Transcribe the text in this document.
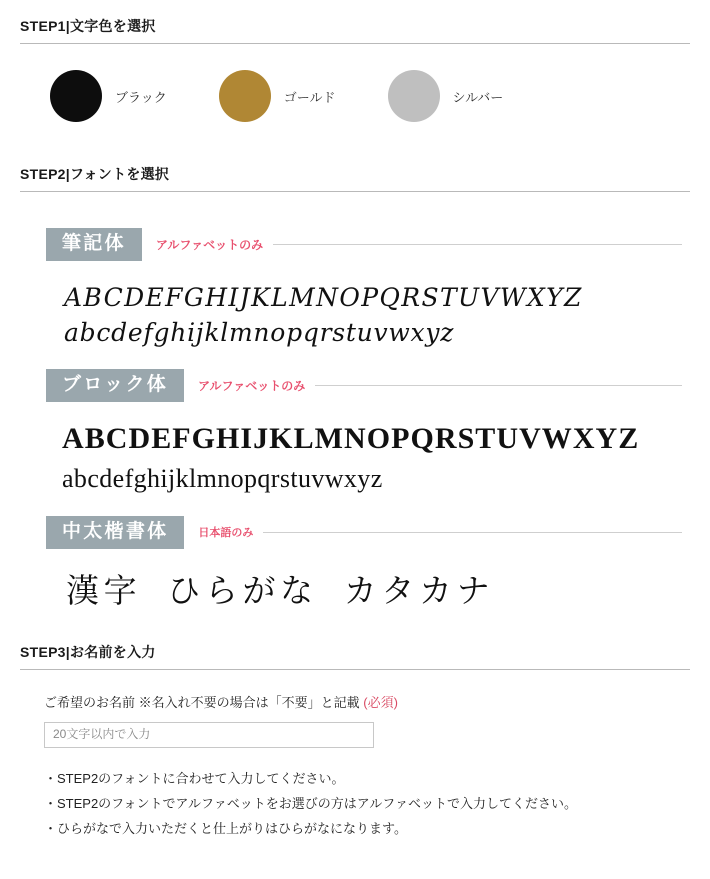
STEP1|文字色を選択
ブラック	ゴールド	シルバー
STEP2|フォントを選択
筆記体	アルファベットのみ
ABCDEFGHIJKLMNOPQRSTUVWXYZ
abcdefghijklmnopqrstuvwxyz
ブロック体	アルファベットのみ
ABCDEFGHIJKLMNOPQRSTUVWXYZ
abcdefghijklmnopqrstuvwxyz
中太楷書体	日本語のみ
漢字 ひらがな カタカナ
STEP3|お名前を入力
ご希望のお名前 ※名入れ不要の場合は「不要」と記載 (必須)
20文字以内で入力
・STEP2のフォントに合わせて入力してください。
・STEP2のフォントでアルファベットをお選びの方はアルファベットで入力してください。
・ひらがなで入力いただくと仕上がりはひらがなになります。
